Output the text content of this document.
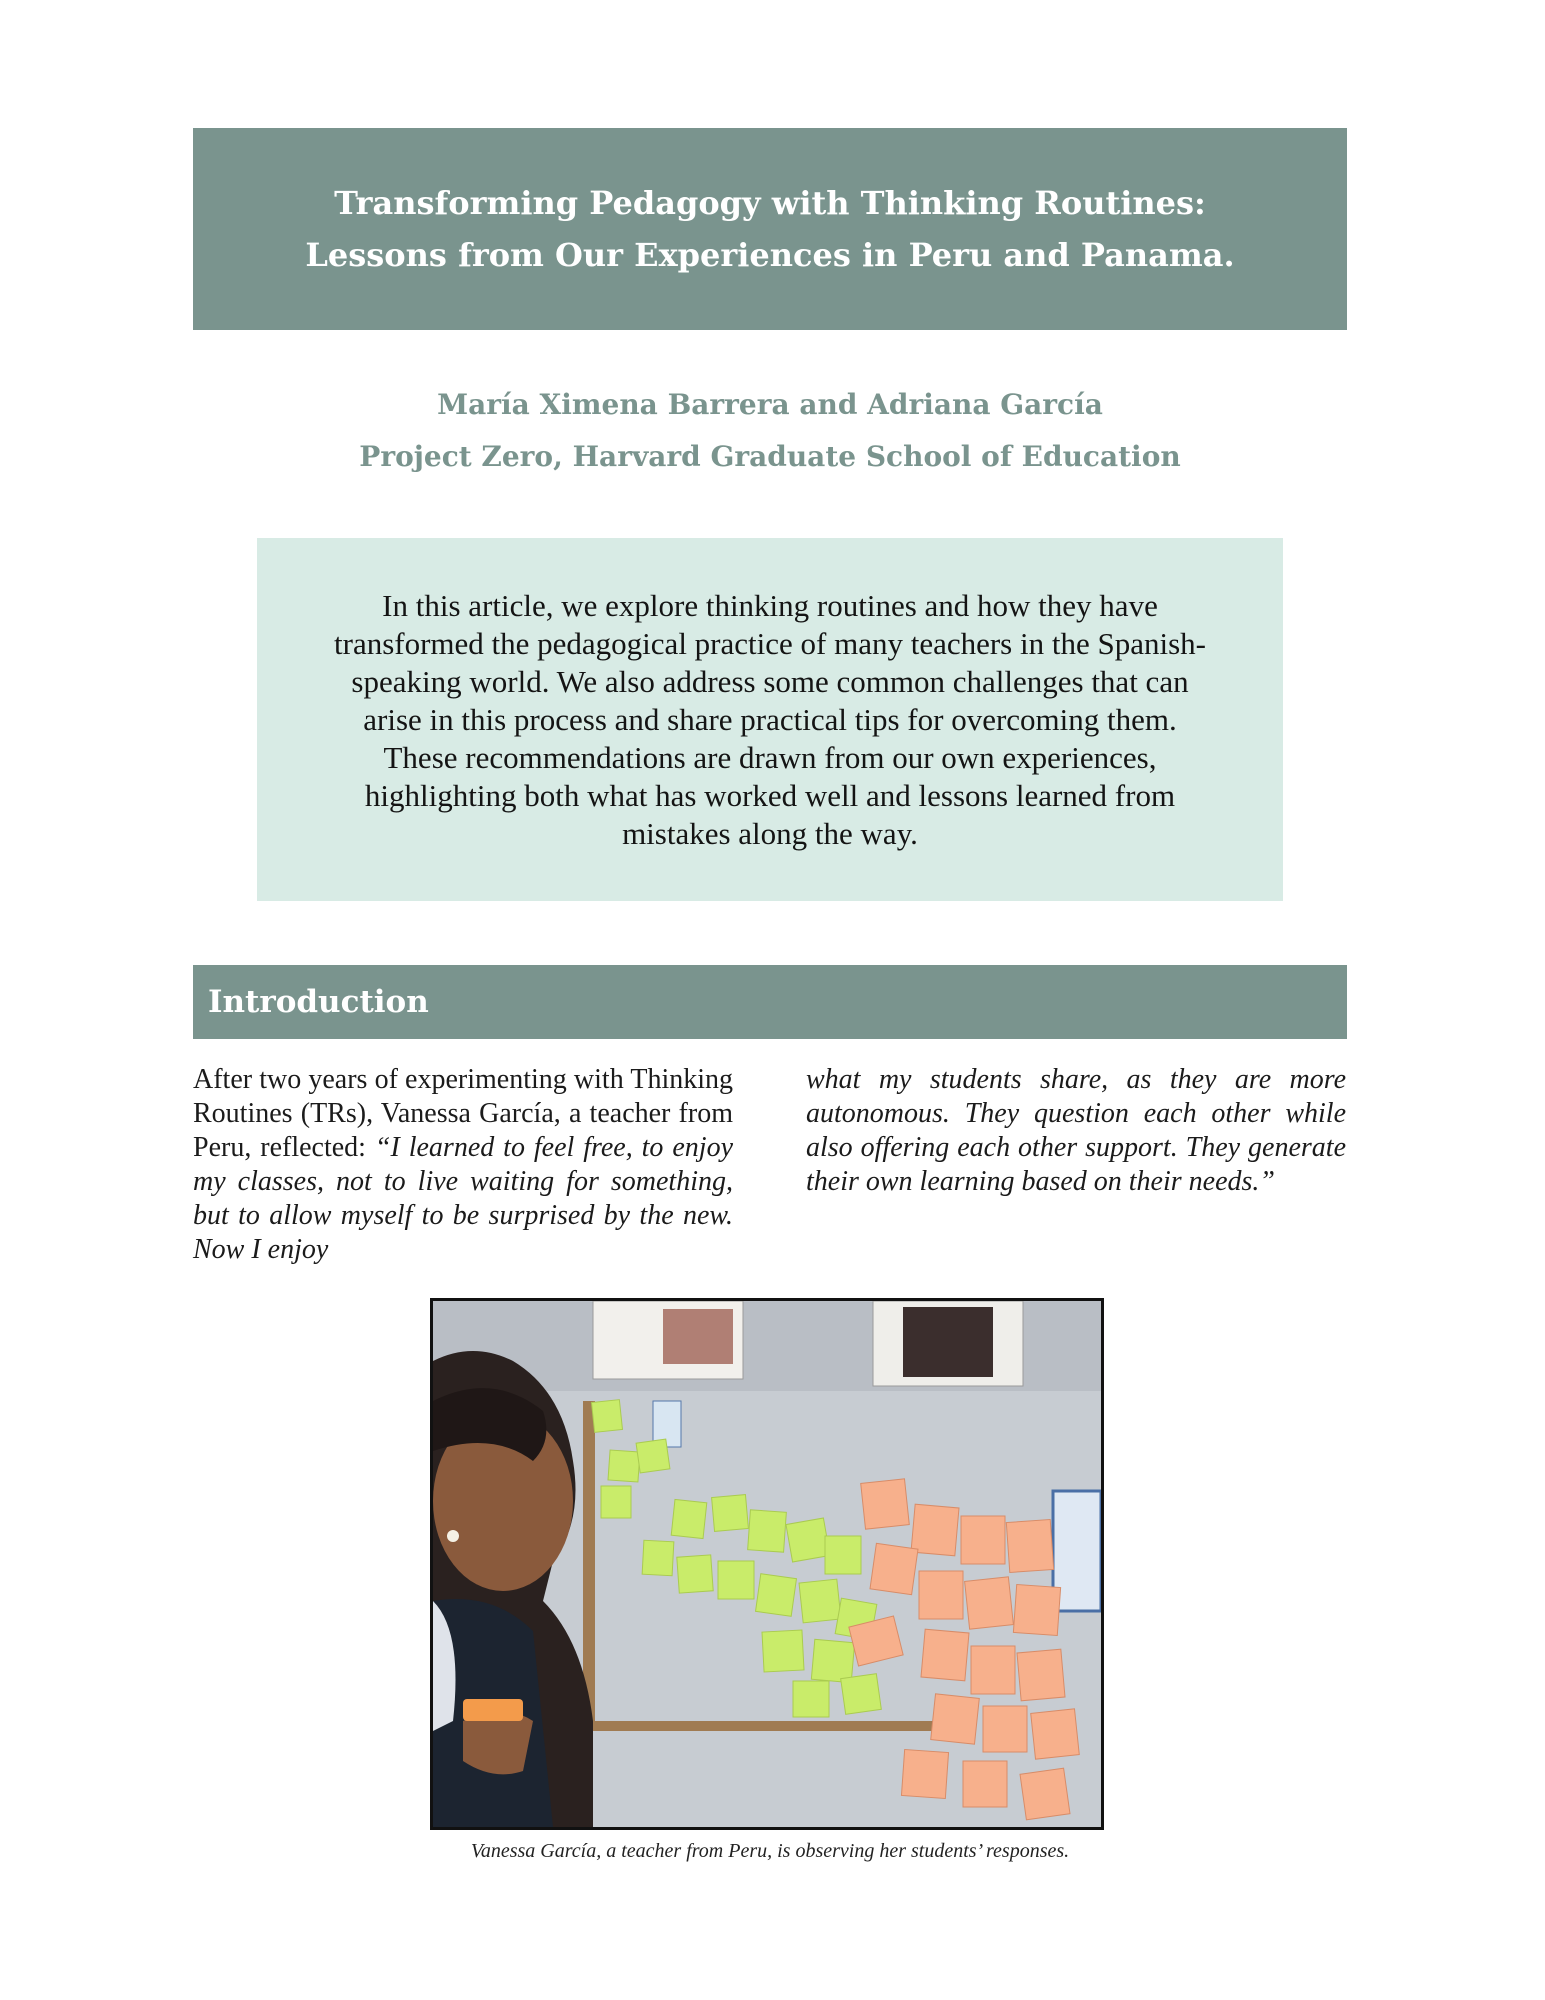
Transforming Pedagogy with Thinking Routines:
Lessons from Our Experiences in Peru and Panama.
María Ximena Barrera and Adriana García
Project Zero, Harvard Graduate School of Education
In this article, we explore thinking routines and how they have transformed the pedagogical practice of many teachers in the Spanish-speaking world. We also address some common challenges that can arise in this process and share practical tips for overcoming them. These recommendations are drawn from our own experiences, highlighting both what has worked well and lessons learned from mistakes along the way.
Introduction
After two years of experimenting with Thinking Routines (TRs), Vanessa García, a teacher from Peru, reflected: “I learned to feel free, to enjoy my classes, not to live waiting for something, but to allow myself to be surprised by the new. Now I enjoy
what my students share, as they are more autonomous. They question each other while also offering each other support. They generate their own learning based on their needs.”
Vanessa García, a teacher from Peru, is observing her students’ responses.
